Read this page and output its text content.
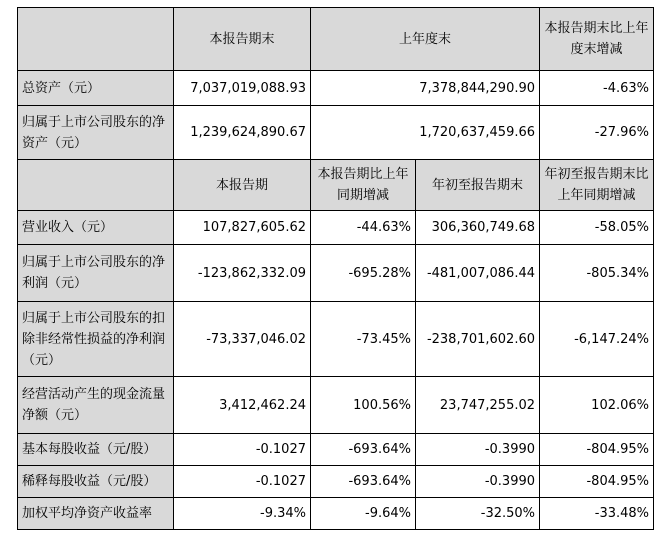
	本报告期末	上年度末		本报告期末比上年度末增减
总资产（元）	7,037,019,088.93	7,378,844,290.90		-4.63%
归属于上市公司股东的净资产（元）	1,239,624,890.67	1,720,637,459.66		-27.96%
	本报告期	本报告期比上年同期增减	年初至报告期末	年初至报告期末比上年同期增减
营业收入（元）	107,827,605.62	-44.63%	306,360,749.68	-58.05%
归属于上市公司股东的净利润（元）	-123,862,332.09	-695.28%	-481,007,086.44	-805.34%
归属于上市公司股东的扣除非经常性损益的净利润（元）	-73,337,046.02	-73.45%	-238,701,602.60	-6,147.24%
经营活动产生的现金流量净额（元）	3,412,462.24	100.56%	23,747,255.02	102.06%
基本每股收益（元/股）	-0.1027	-693.64%	-0.3990	-804.95%
稀释每股收益（元/股）	-0.1027	-693.64%	-0.3990	-804.95%
加权平均净资产收益率	-9.34%	-9.64%	-32.50%	-33.48%
